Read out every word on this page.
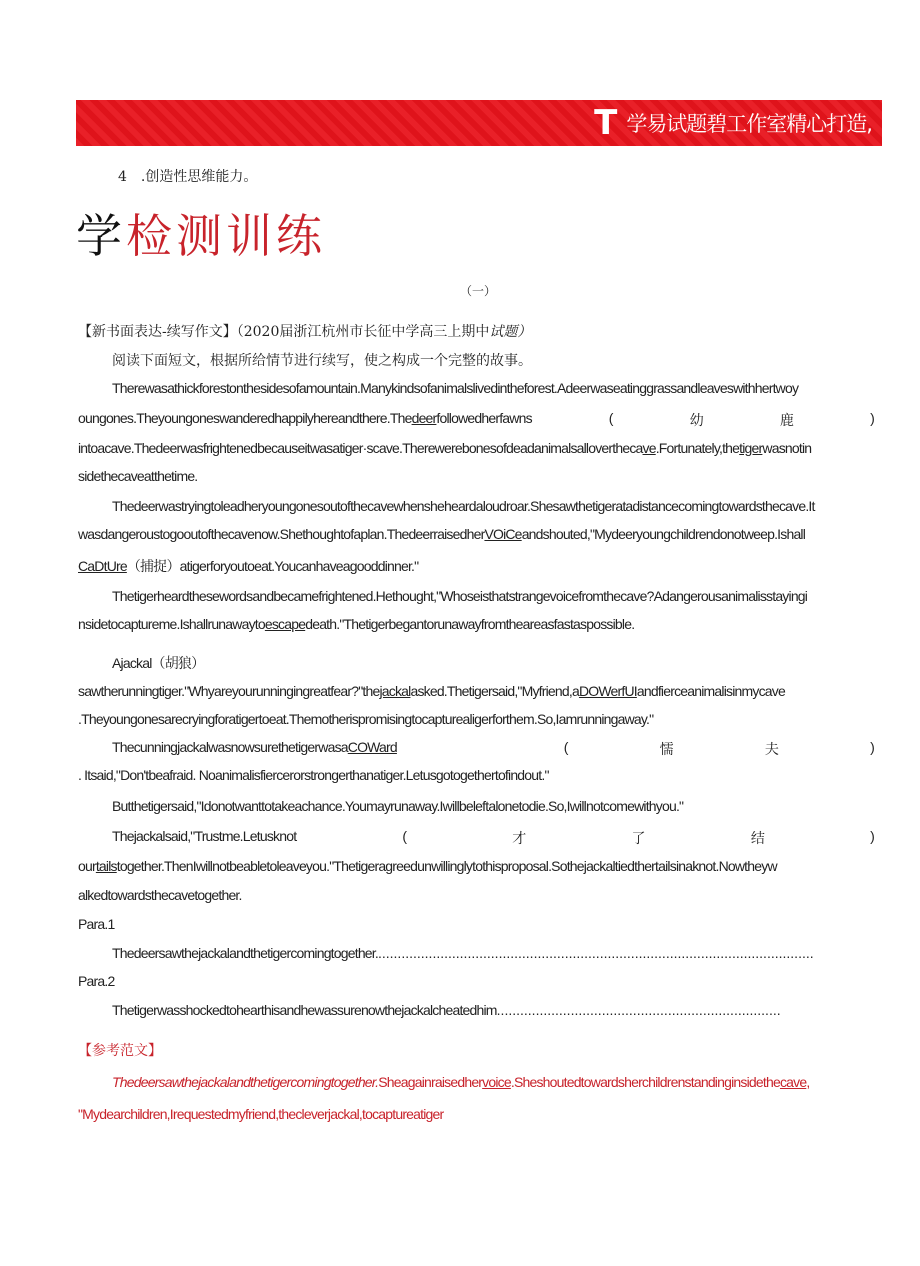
T 学易试题碧工作室精心打造,
4 .创造性思维能力。
学检测训练
（一）
【新书面表达-续写作文】（2020届浙江杭州市长征中学高三上期中试题）
阅读下面短文，根据所给情节进行续写，使之构成一个完整的故事。
Therewasathickforestonthesidesofamountain.Manykindsofanimalslivedintheforest.Adeerwaseatinggrassandleaveswithhertwoy
oungones.Theyoungoneswanderedhappilyhereandthere.Thedeerfollowedherfawns	(	幼	鹿	)
intoacave.Thedeerwasfrightenedbecauseitwasatiger·scave.Therewerebonesofdeadanimalsalloverthecave.Fortunately,thetigerwasnotin
sidethecaveatthetime.
Thedeerwastryingtoleadheryoungonesoutofthecavewhensheheardaloudroar.Shesawthetigeratadistancecomingtowardsthecave.It
wasdangeroustogooutofthecavenow.Shethoughtofaplan.ThedeerraisedherVOiCeandshouted,"Mydeeryoungchildrendonotweep.Ishall
CaDtUre（捕捉）atigerforyoutoeat.Youcanhaveagooddinner."
Thetigerheardthesewordsandbecamefrightened.Hethought,"Whoseisthatstrangevoicefromthecave?Adangerousanimalisstayingi
nsidetocaptureme.Ishallrunawaytoescapedeath."Thetigerbegantorunawayfromtheareasfastaspossible.
Ajackal（胡狼）
sawtherunningtiger."Whyareyourunningingreatfear?"thejackalasked.Thetigersaid,"Myfriend,aDOWerfUIandfierceanimalisinmycave
.Theyoungonesarecryingforatigertoeat.Themotherispromisingtocapturealigerforthem.So,Iamrunningaway."
ThecunningjackalwasnowsurethetigerwasaCOWard	(	懦	夫	)
. Itsaid,"Don'tbeafraid. Noanimalisfiercerorstrongerthanatiger.Letusgotogethertofindout."
Butthetigersaid,"Idonotwanttotakeachance.Youmayrunaway.Iwillbeleftalonetodie.So,Iwillnotcomewithyou."
Thejackalsaid,"Trustme.Letusknot	(	才	了	结	)
ourtailstogether.ThenIwillnotbeabletoleaveyou."Thetigeragreedunwillinglytothisproposal.Sothejackaltiedthertailsinaknot.Nowtheyw
alkedtowardsthecavetogether.
Para.1
Thedeersawthejackalandthetigercomingtogether.................................................................................................................
Para.2
Thetigerwasshockedtohearthisandhewassurenowthejackalcheatedhim.........................................................................
【参考范文】
Thedeersawthejackalandthetigercomingtogether.Sheagainraisedhervoice.Sheshoutedtowardsherchildrenstandinginsidethecave,
"Mydearchildren,Irequestedmyfriend,thecleverjackal,tocaptureatiger
